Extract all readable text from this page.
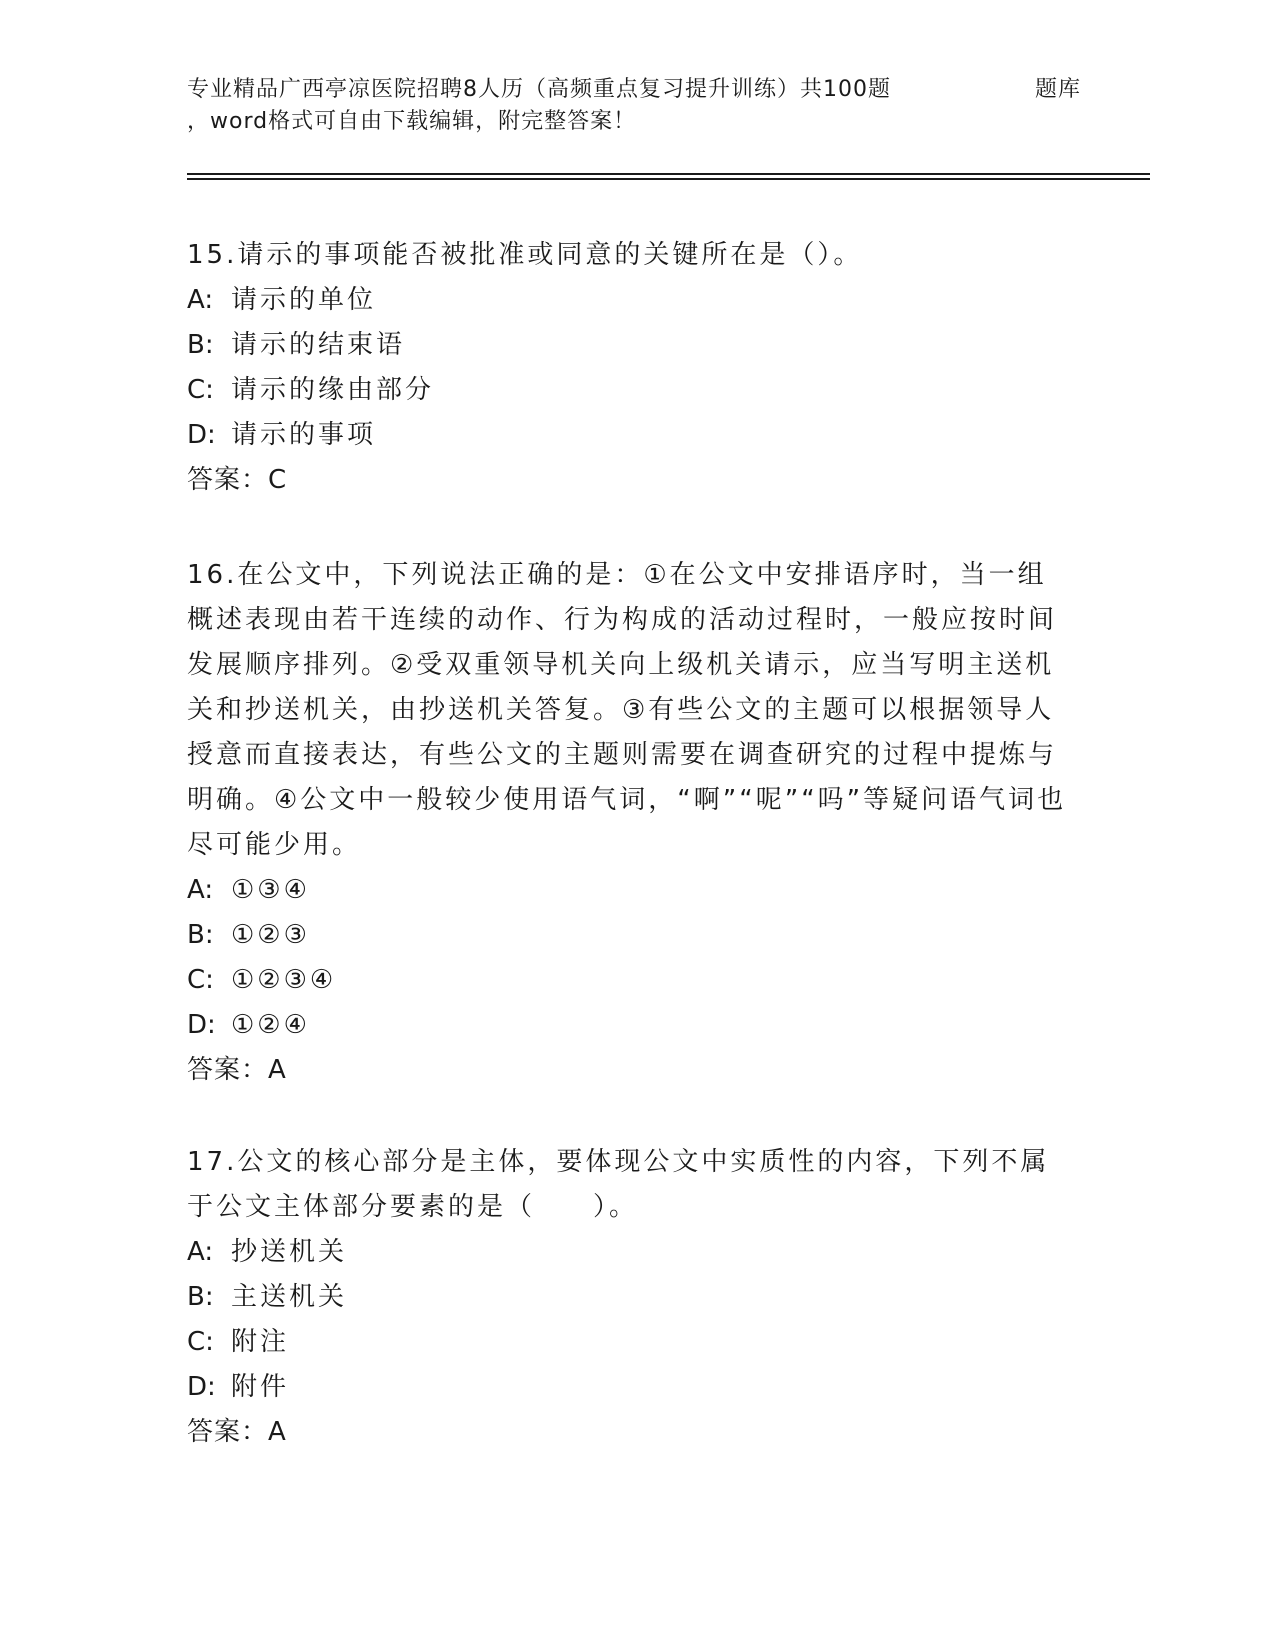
专业精品广西亭凉医院招聘8人历（高频重点复习提升训练）共100题
，word格式可自由下载编辑，附完整答案！
题库
15.请示的事项能否被批准或同意的关键所在是（）。
A: 请示的单位
B: 请示的结束语
C: 请示的缘由部分
D: 请示的事项
答案：C
16.在公文中，下列说法正确的是：①在公文中安排语序时，当一组概述表现由若干连续的动作、行为构成的活动过程时，一般应按时间发展顺序排列。②受双重领导机关向上级机关请示，应当写明主送机关和抄送机关，由抄送机关答复。③有些公文的主题可以根据领导人授意而直接表达，有些公文的主题则需要在调查研究的过程中提炼与明确。④公文中一般较少使用语气词，“啊”“呢”“吗”等疑问语气词也尽可能少用。
A: ①③④
B: ①②③
C: ①②③④
D: ①②④
答案：A
17.公文的核心部分是主体，要体现公文中实质性的内容，下列不属于公文主体部分要素的是（　　）。
A: 抄送机关
B: 主送机关
C: 附注
D: 附件
答案：A
